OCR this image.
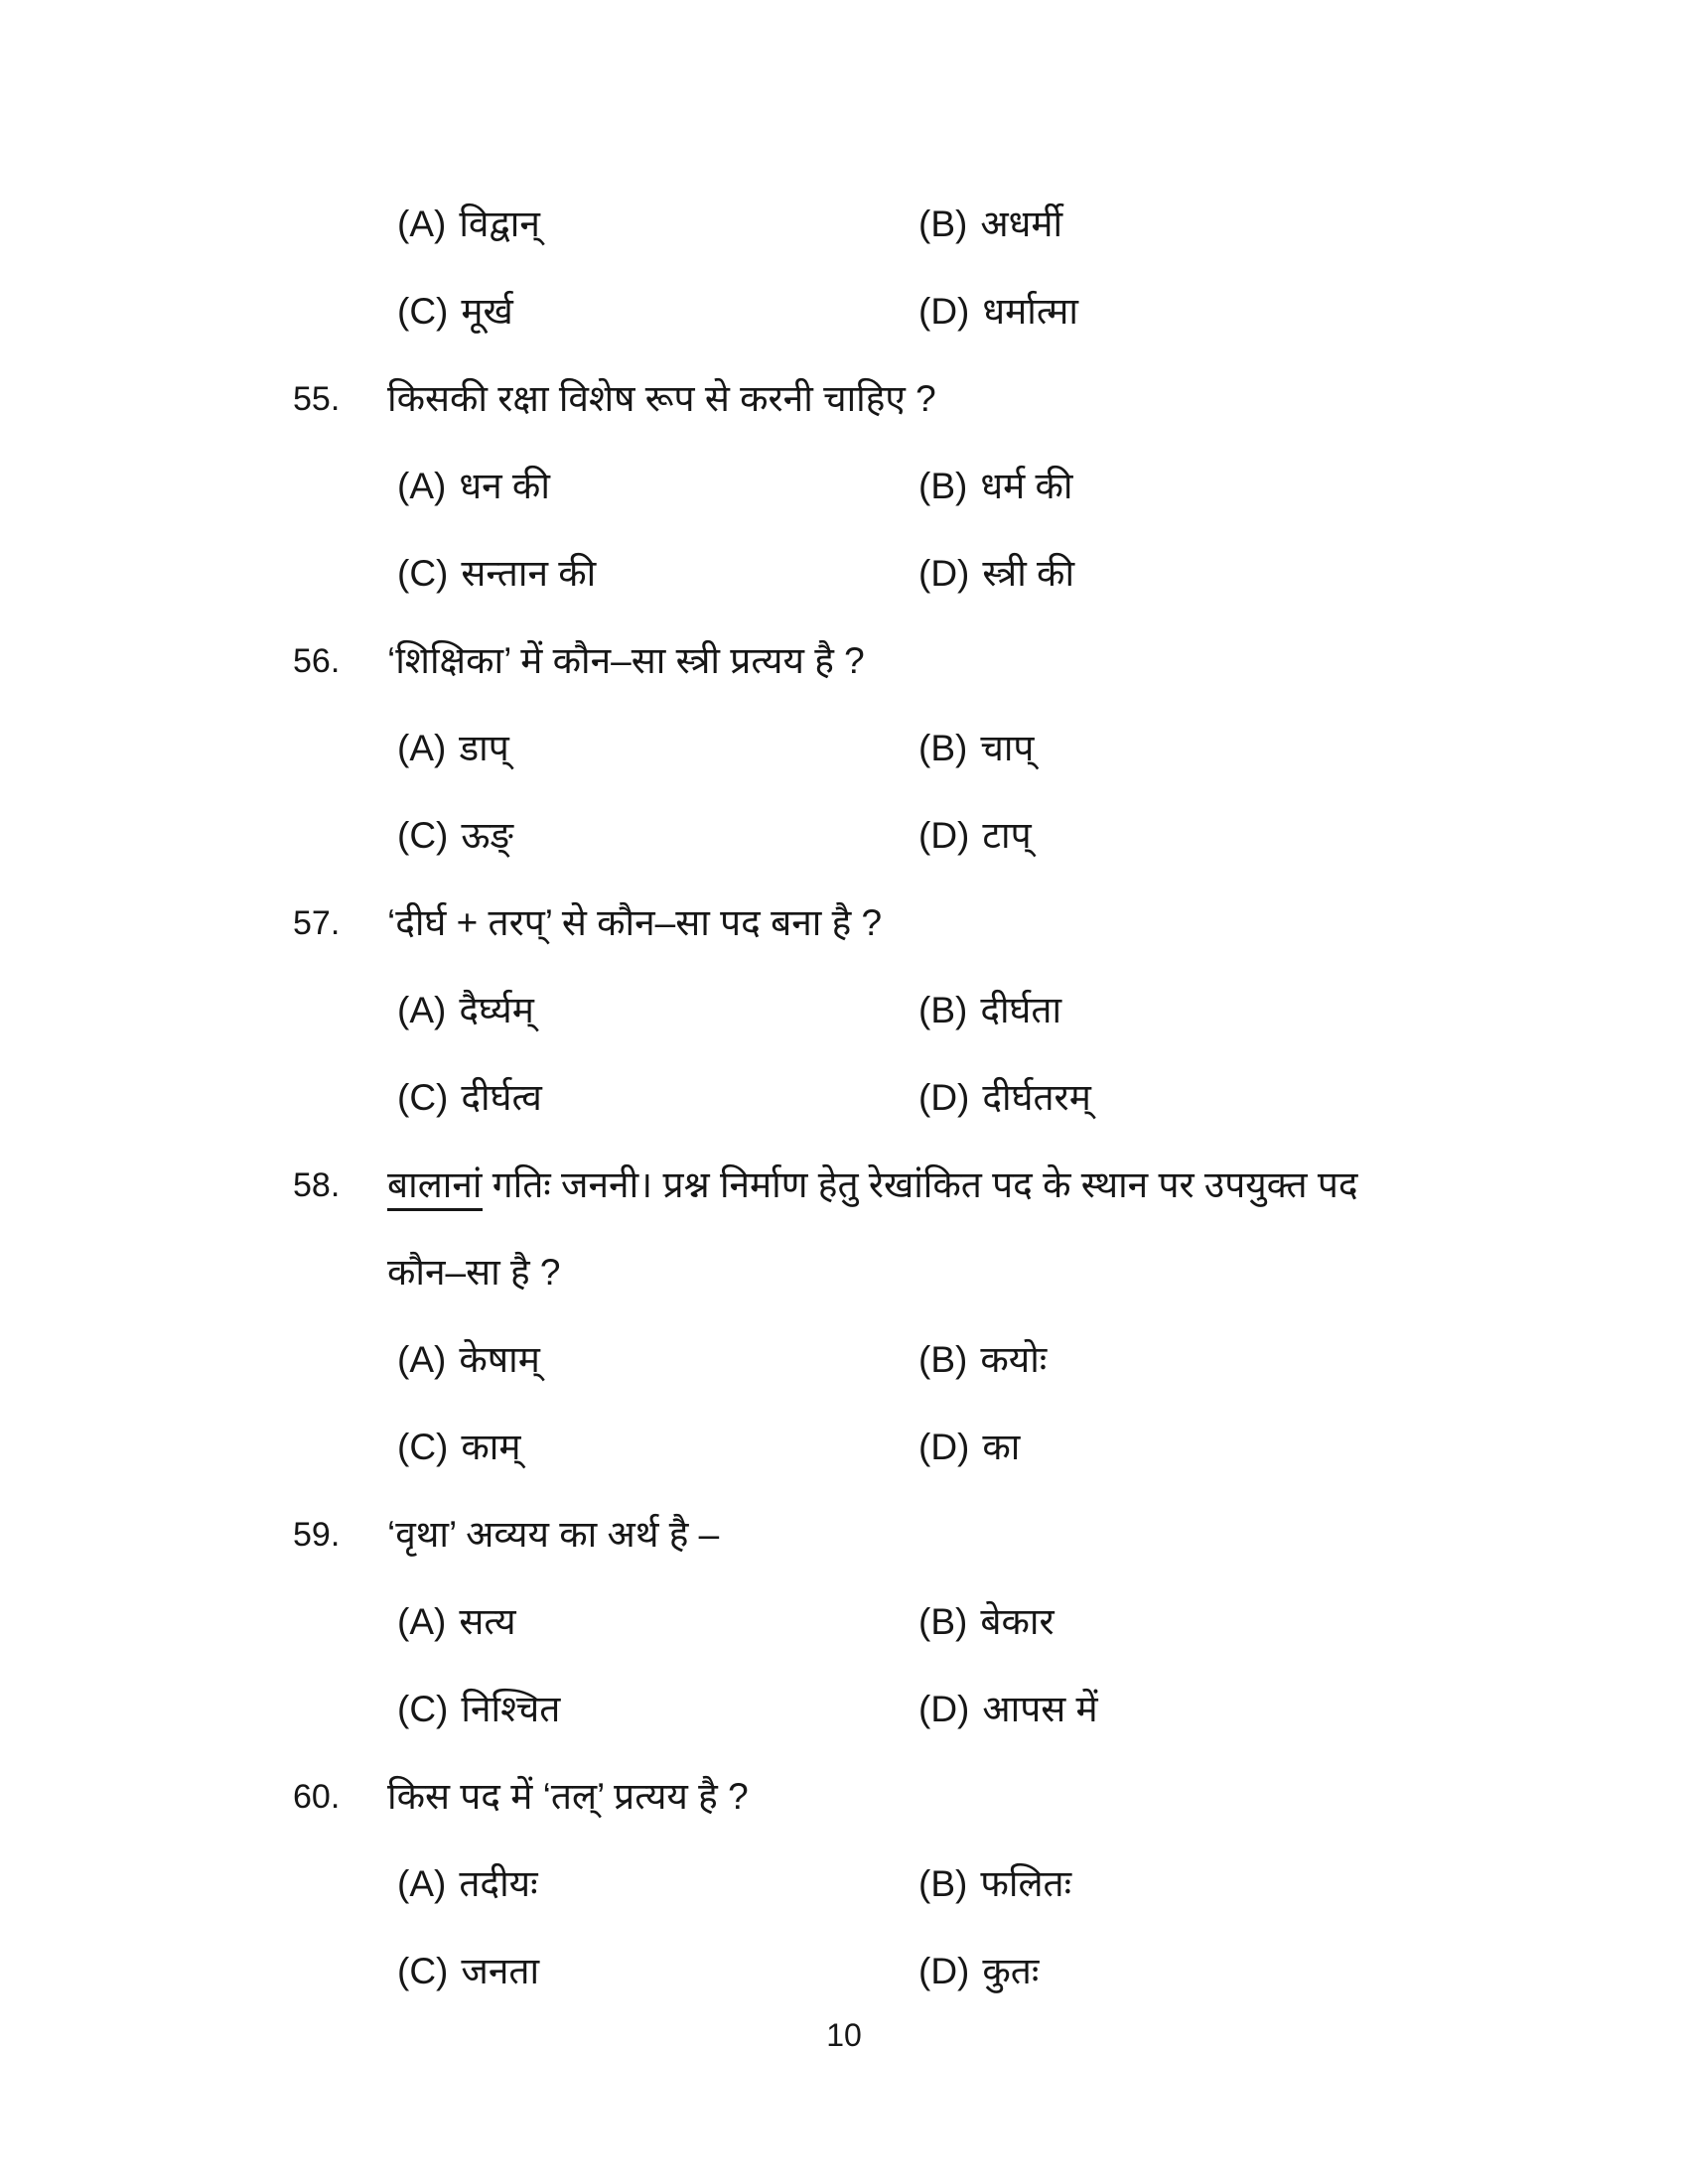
(A) विद्वान्	(B) अधर्मी
(C) मूर्ख	(D) धर्मात्मा
55.	किसकी रक्षा विशेष रूप से करनी चाहिए ?
(A) धन की	(B) धर्म की
(C) सन्तान की	(D) स्त्री की
56.	‘शिक्षिका’ में कौन–सा स्त्री प्रत्यय है ?
(A) डाप्	(B) चाप्
(C) ऊङ्	(D) टाप्
57.	‘दीर्घ + तरप्’ से कौन–सा पद बना है ?
(A) दैर्घ्यम्	(B) दीर्घता
(C) दीर्घत्व	(D) दीर्घतरम्
58.	बालानां गतिः जननी। प्रश्न निर्माण हेतु रेखांकित पद के स्थान पर उपयुक्त पद
कौन–सा है ?
(A) केषाम्	(B) कयोः
(C) काम्	(D) का
59.	‘वृथा’ अव्यय का अर्थ है –
(A) सत्य	(B) बेकार
(C) निश्चित	(D) आपस में
60.	किस पद में ‘तल्’ प्रत्यय है ?
(A) तदीयः	(B) फलितः
(C) जनता	(D) कुतः
10
